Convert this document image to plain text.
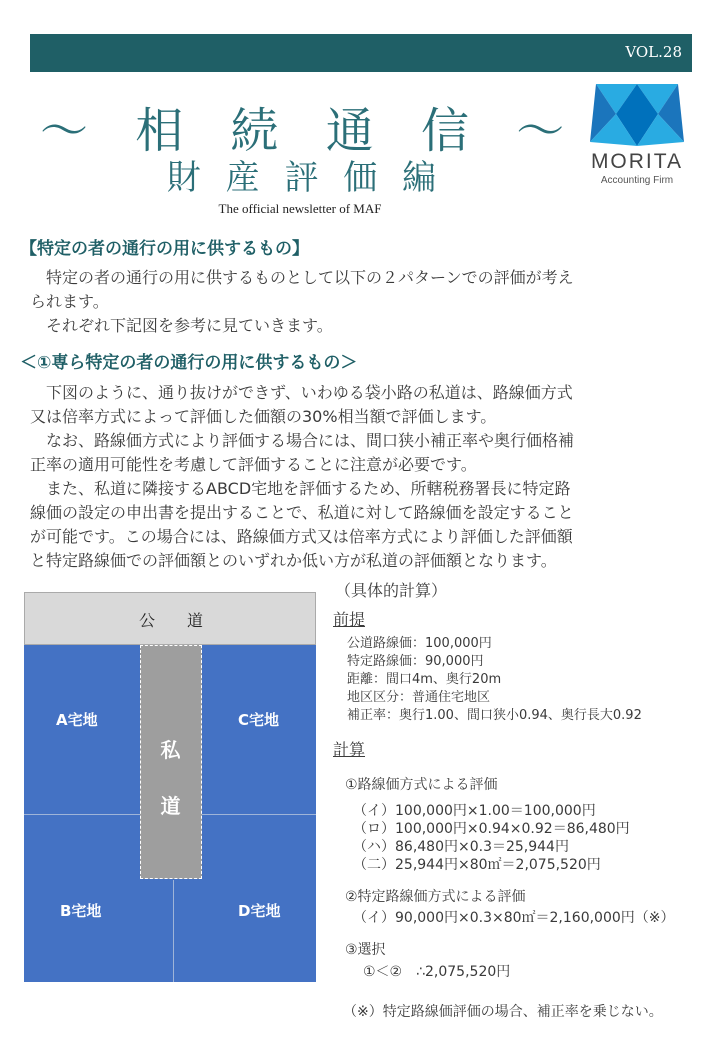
VOL.28
～ 相 続 通 信 ～
財 産 評 価 編
The official newsletter of MAF
MORITA
Accounting Firm
【特定の者の通行の用に供するもの】
　特定の者の通行の用に供するものとして以下の２パターンでの評価が考え
られます。
　それぞれ下記図を参考に見ていきます。
＜①専ら特定の者の通行の用に供するもの＞
　下図のように、通り抜けができず、いわゆる袋小路の私道は、路線価方式
又は倍率方式によって評価した価額の30%相当額で評価します。
　なお、路線価方式により評価する場合には、間口狭小補正率や奥行価格補
正率の適用可能性を考慮して評価することに注意が必要です。
　また、私道に隣接するABCD宅地を評価するため、所轄税務署長に特定路
線価の設定の申出書を提出することで、私道に対して路線価を設定すること
が可能です。この場合には、路線価方式又は倍率方式により評価した評価額
と特定路線価での評価額とのいずれか低い方が私道の評価額となります。
公　　道
私
道
A宅地
B宅地
C宅地
D宅地
（具体的計算）
前提
公道路線価：100,000円
特定路線価：90,000円
距離：間口4m、奥行20m
地区区分：普通住宅地区
補正率：奥行1.00、間口狭小0.94、奥行長大0.92
計算
①路線価方式による評価
（イ）100,000円×1.00＝100,000円
（ロ）100,000円×0.94×0.92＝86,480円
（ハ）86,480円×0.3＝25,944円
（二）25,944円×80㎡＝2,075,520円
②特定路線価方式による評価
（イ）90,000円×0.3×80㎡＝2,160,000円（※）
③選択
①＜②　∴2,075,520円
（※）特定路線価評価の場合、補正率を乗じない。
